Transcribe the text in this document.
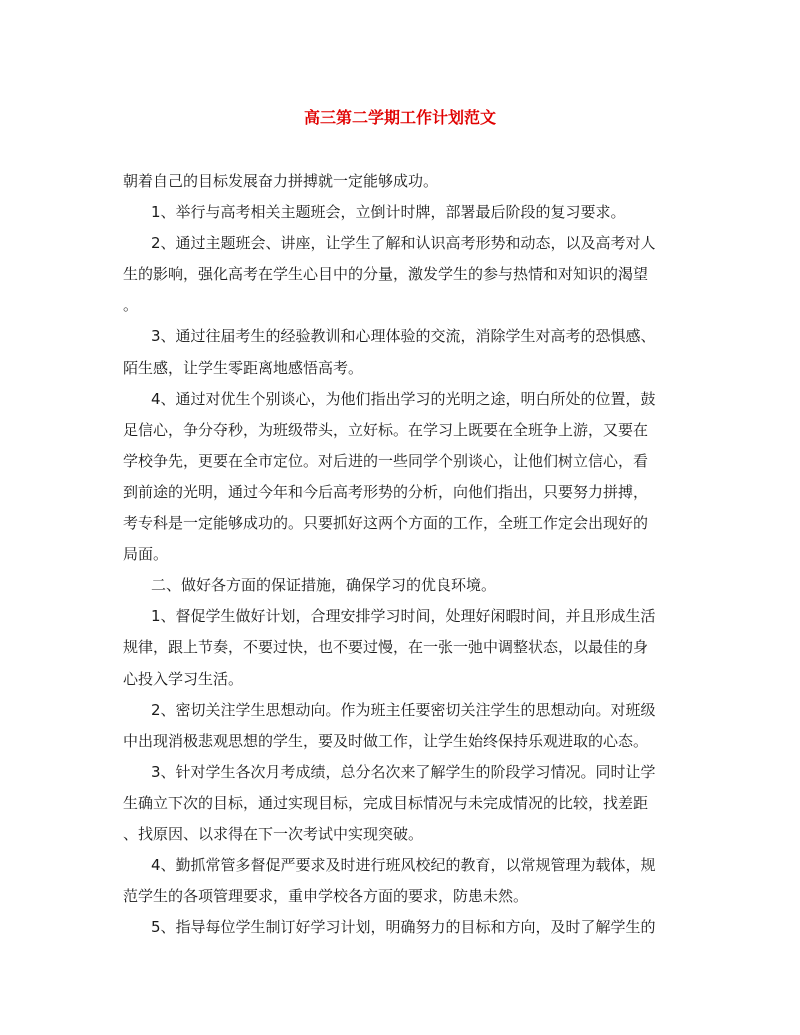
高三第二学期工作计划范文
朝着自己的目标发展奋力拼搏就一定能够成功。
1、举行与高考相关主题班会，立倒计时牌，部署最后阶段的复习要求。
2、通过主题班会、讲座，让学生了解和认识高考形势和动态，以及高考对人
生的影响，强化高考在学生心目中的分量，激发学生的参与热情和对知识的渴望
。
3、通过往届考生的经验教训和心理体验的交流，消除学生对高考的恐惧感、
陌生感，让学生零距离地感悟高考。
4、通过对优生个别谈心，为他们指出学习的光明之途，明白所处的位置，鼓
足信心，争分夺秒，为班级带头，立好标。在学习上既要在全班争上游，又要在
学校争先，更要在全市定位。对后进的一些同学个别谈心，让他们树立信心，看
到前途的光明，通过今年和今后高考形势的分析，向他们指出，只要努力拼搏，
考专科是一定能够成功的。只要抓好这两个方面的工作，全班工作定会出现好的
局面。
二、做好各方面的保证措施，确保学习的优良环境。
1、督促学生做好计划，合理安排学习时间，处理好闲暇时间，并且形成生活
规律，跟上节奏，不要过快，也不要过慢，在一张一弛中调整状态，以最佳的身
心投入学习生活。
2、密切关注学生思想动向。作为班主任要密切关注学生的思想动向。对班级
中出现消极悲观思想的学生，要及时做工作，让学生始终保持乐观进取的心态。
3、针对学生各次月考成绩，总分名次来了解学生的阶段学习情况。同时让学
生确立下次的目标，通过实现目标，完成目标情况与未完成情况的比较，找差距
、找原因、以求得在下一次考试中实现突破。
4、勤抓常管多督促严要求及时进行班风校纪的教育，以常规管理为载体，规
范学生的各项管理要求，重申学校各方面的要求，防患未然。
5、指导每位学生制订好学习计划，明确努力的目标和方向，及时了解学生的
